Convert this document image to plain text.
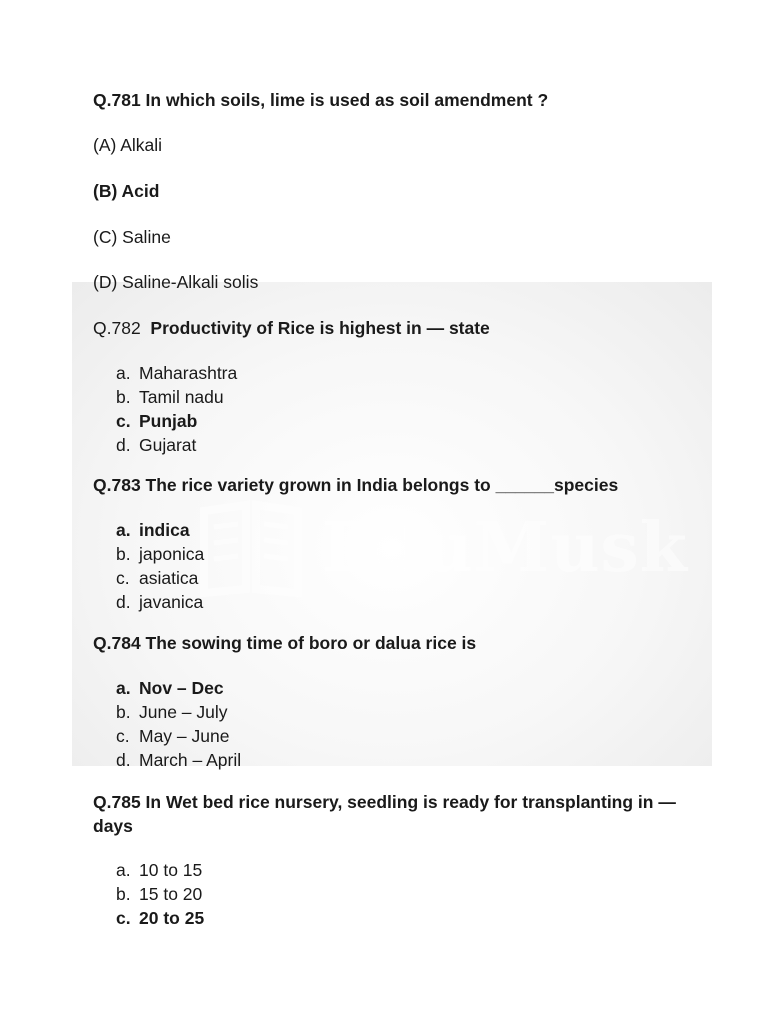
EduMusk
Q.781 In which soils, lime is used as soil amendment ?
(A) Alkali
(B) Acid
(C) Saline
(D) Saline-Alkali solis
Q.782 Productivity of Rice is highest in — state
a. Maharashtra
b. Tamil nadu
c. Punjab
d. Gujarat
Q.783 The rice variety grown in India belongs to ______species
a. indica
b. japonica
c. asiatica
d. javanica
Q.784 The sowing time of boro or dalua rice is
a. Nov – Dec
b. June – July
c. May – June
d. March – April
Q.785 In Wet bed rice nursery, seedling is ready for transplanting in — days
a. 10 to 15
b. 15 to 20
c. 20 to 25
